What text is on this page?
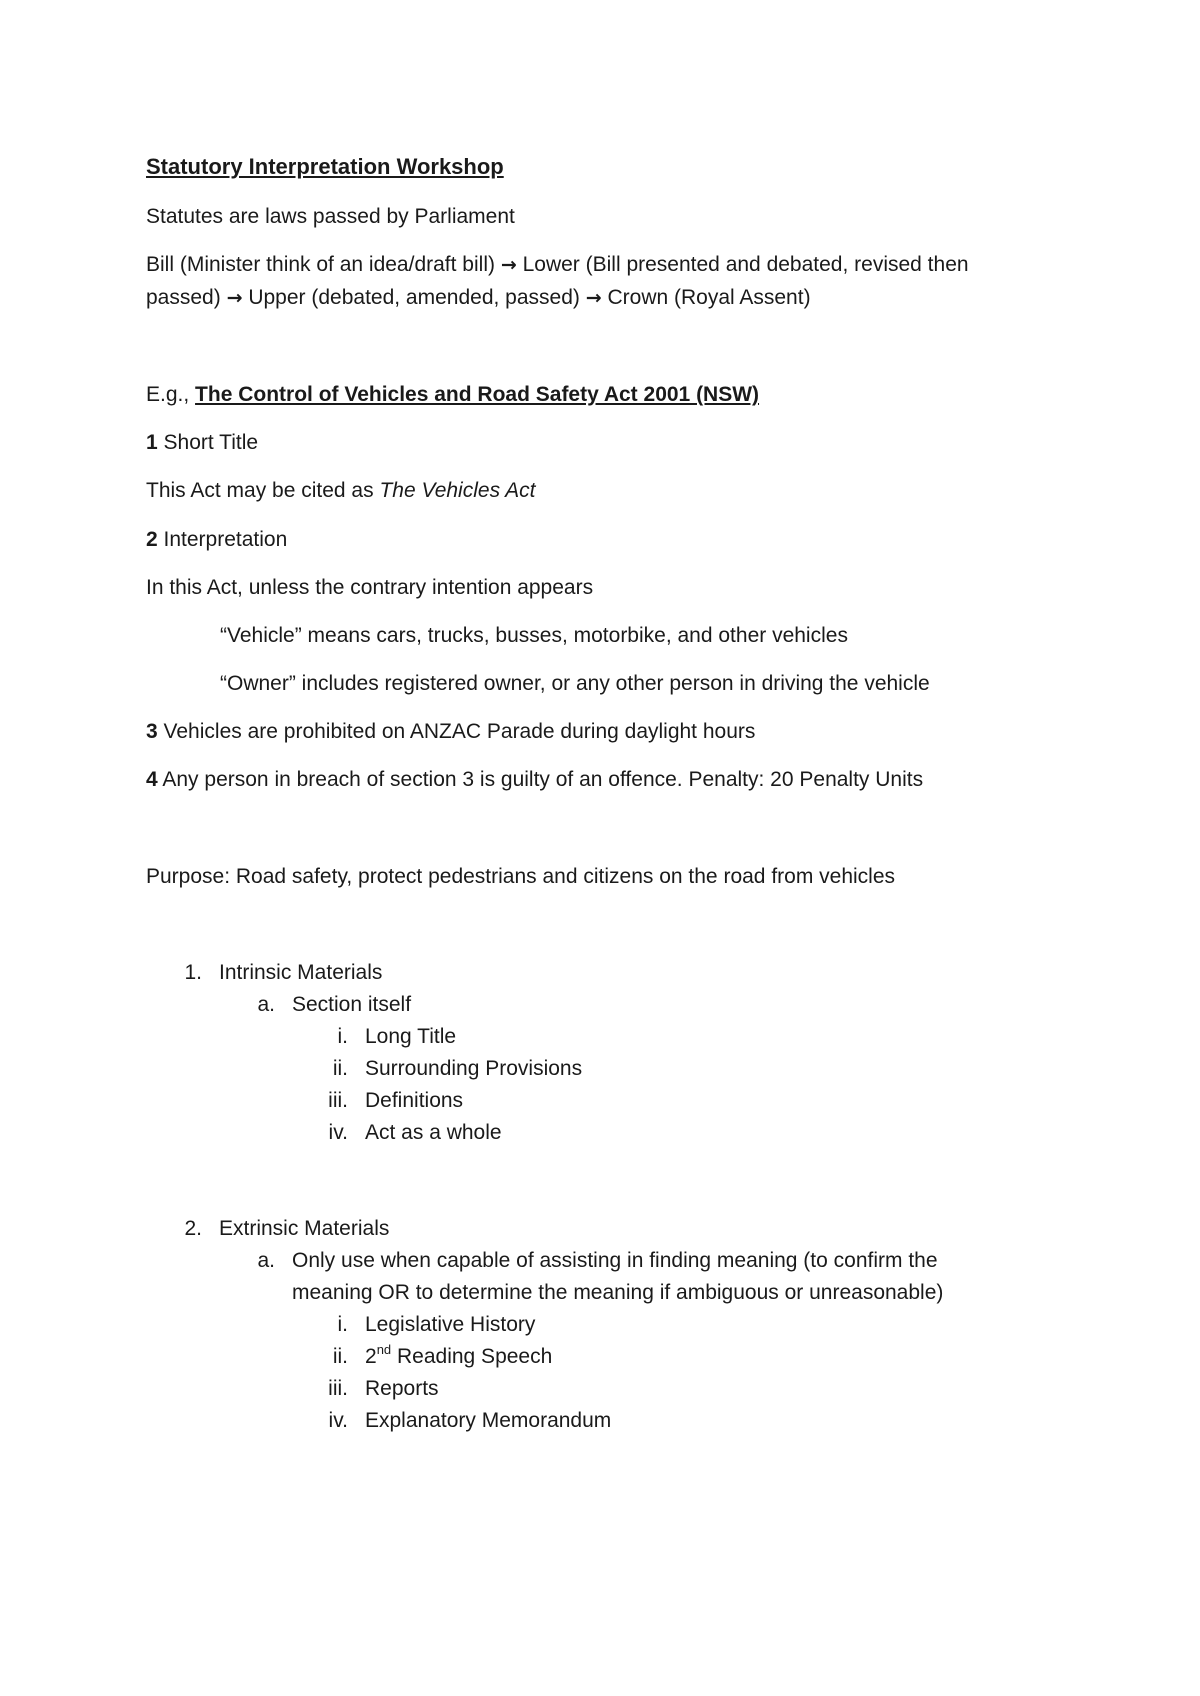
Statutory Interpretation Workshop
Statutes are laws passed by Parliament
Bill (Minister think of an idea/draft bill) → Lower (Bill presented and debated, revised then
passed) → Upper (debated, amended, passed) → Crown (Royal Assent)
E.g., The Control of Vehicles and Road Safety Act 2001 (NSW)
1 Short Title
This Act may be cited as The Vehicles Act
2 Interpretation
In this Act, unless the contrary intention appears
“Vehicle” means cars, trucks, busses, motorbike, and other vehicles
“Owner” includes registered owner, or any other person in driving the vehicle
3 Vehicles are prohibited on ANZAC Parade during daylight hours
4 Any person in breach of section 3 is guilty of an offence. Penalty: 20 Penalty Units
Purpose: Road safety, protect pedestrians and citizens on the road from vehicles
1. Intrinsic Materials
a. Section itself
i. Long Title
ii. Surrounding Provisions
iii. Definitions
iv. Act as a whole
2. Extrinsic Materials
a. Only use when capable of assisting in finding meaning (to confirm the
meaning OR to determine the meaning if ambiguous or unreasonable)
i. Legislative History
ii. 2nd Reading Speech
iii. Reports
iv. Explanatory Memorandum
